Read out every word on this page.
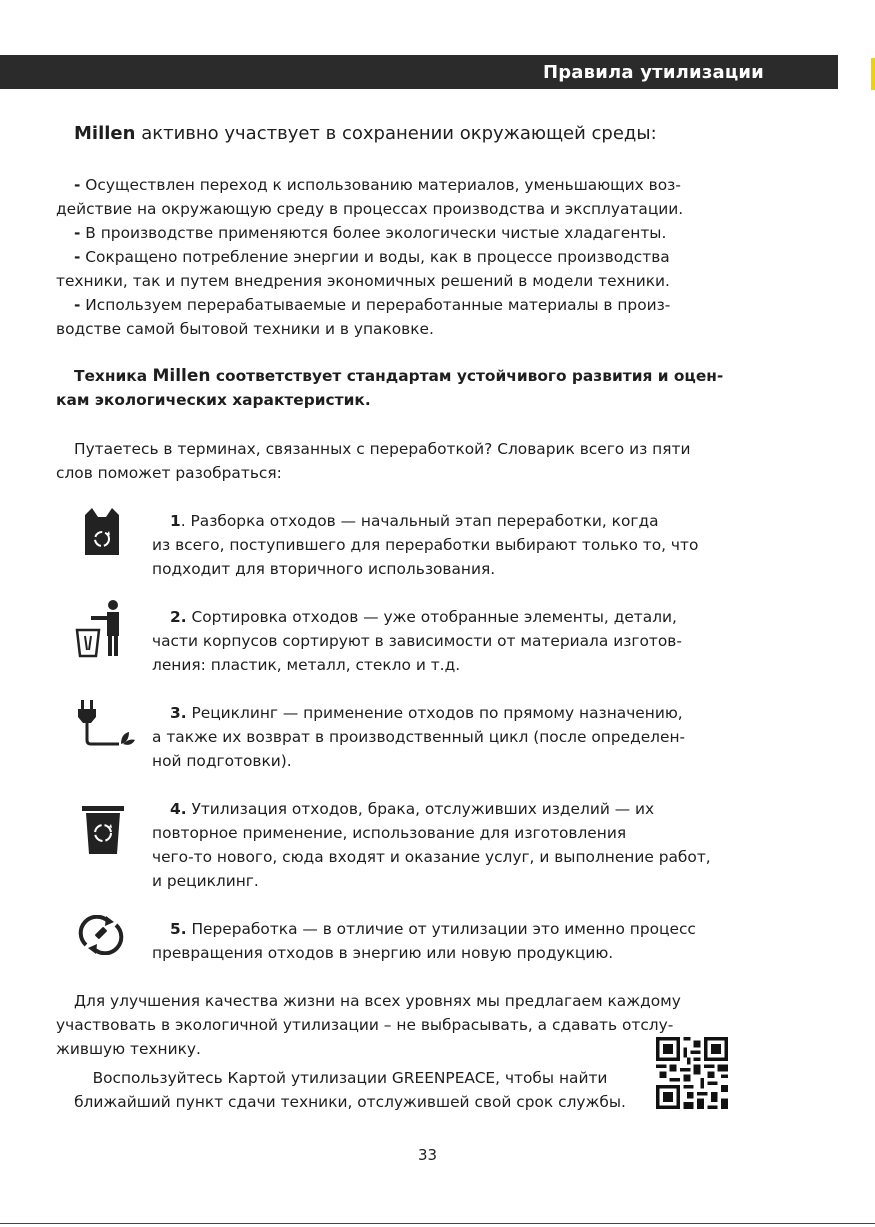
Правила утилизации
Millen активно участвует в сохранении окружающей среды:
- Осуществлен переход к использованию материалов, уменьшающих воз-
действие на окружающую среду в процессах производства и эксплуатации.
- В производстве применяются более экологически чистые хладагенты.
- Сокращено потребление энергии и воды, как в процессе производства
техники, так и путем внедрения экономичных решений в модели техники.
- Используем перерабатываемые и переработанные материалы в произ-
водстве самой бытовой техники и в упаковке.
Техника Millen соответствует стандартам устойчивого развития и оцен-
кам экологических характеристик.
Путаетесь в терминах, связанных с переработкой? Словарик всего из пяти
слов поможет разобраться:
1. Разборка отходов — начальный этап переработки, когда
из всего, поступившего для переработки выбирают только то, что
подходит для вторичного использования.
2. Сортировка отходов — уже отобранные элементы, детали,
части корпусов сортируют в зависимости от материала изготов-
ления: пластик, металл, стекло и т.д.
3. Рециклинг — применение отходов по прямому назначению,
а также их возврат в производственный цикл (после определен-
ной подготовки).
4. Утилизация отходов, брака, отслуживших изделий — их
повторное применение, использование для изготовления
чего-то нового, сюда входят и оказание услуг, и выполнение работ,
и рециклинг.
5. Переработка — в отличие от утилизации это именно процесс
превращения отходов в энергию или новую продукцию.
Для улучшения качества жизни на всех уровнях мы предлагаем каждому
участвовать в экологичной утилизации – не выбрасывать, а сдавать отслу-
жившую технику.
Воспользуйтесь Картой утилизации GREENPEACE, чтобы найти
ближайший пункт сдачи техники, отслужившей свой срок службы.
33
